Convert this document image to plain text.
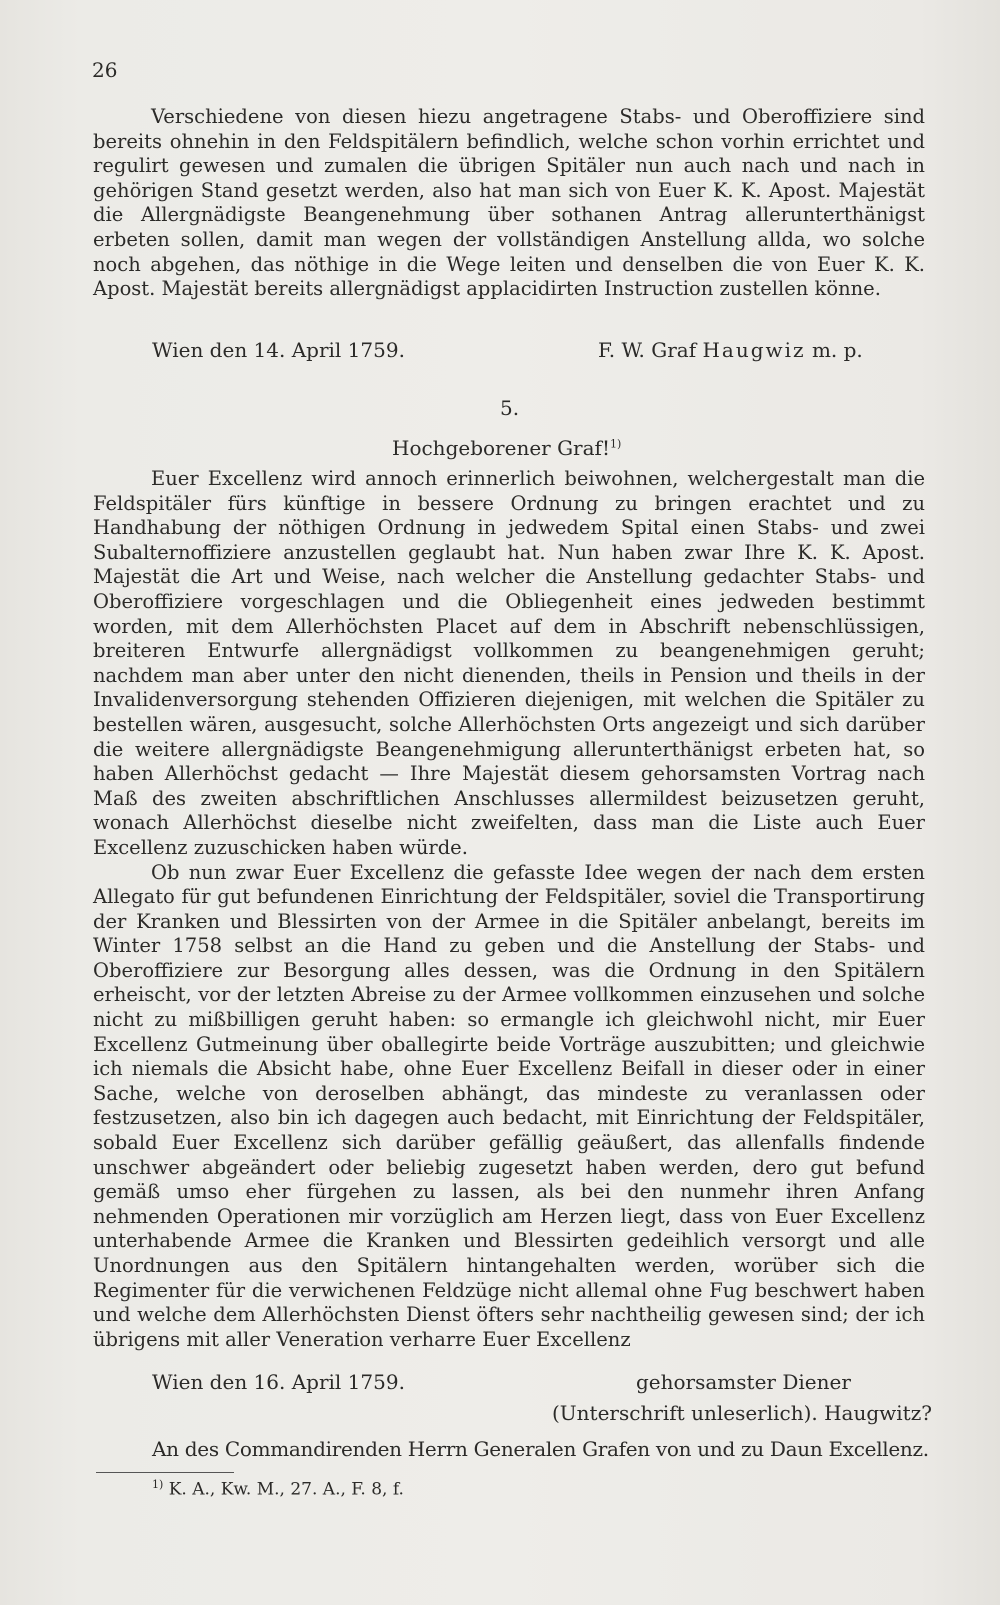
26

Verschiedene von diesen hiezu angetragene Stabs- und Oberoffiziere sind bereits ohnehin in den Feldspitälern befindlich, welche schon vorhin errichtet und regulirt gewesen und zumalen die übrigen Spitäler nun auch nach und nach in gehörigen Stand gesetzt werden, also hat man sich von Euer K. K. Apost. Majestät die Allergnädigste Beangenehmung über sothanen Antrag allerunterthänigst erbeten sollen, damit man wegen der vollständigen Anstellung allda, wo solche noch abgehen, das nöthige in die Wege leiten und denselben die von Euer K. K. Apost. Majestät bereits allergnädigst applacidirten Instruction zustellen könne.

Wien den 14. April 1759.	F. W. Graf Haugwiz m. p.
5.
Hochgeborener Graf!$^{1)}$

Euer Excellenz wird annoch erinnerlich beiwohnen, welchergestalt man die Feldspitäler fürs künftige in bessere Ordnung zu bringen erachtet und zu Handhabung der nöthigen Ordnung in jedwedem Spital einen Stabs- und zwei Subalternoffiziere anzustellen geglaubt hat. Nun haben zwar Ihre K. K. Apost. Majestät die Art und Weise, nach welcher die Anstellung gedachter Stabs- und Oberoffiziere vorgeschlagen und die Obliegenheit eines jedweden bestimmt worden, mit dem Allerhöchsten Placet auf dem in Abschrift nebenschlüssigen, breiteren Entwurfe allergnädigst vollkommen zu beangenehmigen geruht; nachdem man aber unter den nicht dienenden, theils in Pension und theils in der Invalidenversorgung stehenden Offizieren diejenigen, mit welchen die Spitäler zu bestellen wären, ausgesucht, solche Allerhöchsten Orts angezeigt und sich darüber die weitere allergnädigste Beangenehmigung allerunterthänigst erbeten hat, so haben Allerhöchst gedacht — Ihre Majestät diesem gehorsamsten Vortrag nach Maß des zweiten abschriftlichen Anschlusses allermildest beizusetzen geruht, wonach Allerhöchst dieselbe nicht zweifelten, dass man die Liste auch Euer Excellenz zuzuschicken haben würde.

Ob nun zwar Euer Excellenz die gefasste Idee wegen der nach dem ersten Allegato für gut befundenen Einrichtung der Feldspitäler, soviel die Transportirung der Kranken und Blessirten von der Armee in die Spitäler anbelangt, bereits im Winter 1758 selbst an die Hand zu geben und die Anstellung der Stabs- und Oberoffiziere zur Besorgung alles dessen, was die Ordnung in den Spitälern erheischt, vor der letzten Abreise zu der Armee vollkommen einzusehen und solche nicht zu mißbilligen geruht haben: so ermangle ich gleichwohl nicht, mir Euer Excellenz Gutmeinung über oballegirte beide Vorträge auszubitten; und gleichwie ich niemals die Absicht habe, ohne Euer Excellenz Beifall in dieser oder in einer Sache, welche von deroselben abhängt, das mindeste zu veranlassen oder festzusetzen, also bin ich dagegen auch bedacht, mit Einrichtung der Feldspitäler, sobald Euer Excellenz sich darüber gefällig geäußert, das allenfalls findende unschwer abgeändert oder beliebig zugesetzt haben werden, dero gut befund gemäß umso eher fürgehen zu lassen, als bei den nunmehr ihren Anfang nehmenden Operationen mir vorzüglich am Herzen liegt, dass von Euer Excellenz unterhabende Armee die Kranken und Blessirten gedeihlich versorgt und alle Unordnungen aus den Spitälern hintangehalten werden, worüber sich die Regimenter für die verwichenen Feldzüge nicht allemal ohne Fug beschwert haben und welche dem Allerhöchsten Dienst öfters sehr nachtheilig gewesen sind; der ich übrigens mit aller Veneration verharre Euer Excellenz

Wien den 16. April 1759.	gehorsamster Diener
(Unterschrift unleserlich). Haugwitz?
An des Commandirenden Herrn Generalen Grafen von und zu Daun Excellenz.
$^{1)}$ K. A., Kw. M., 27. A., F. 8, f.
